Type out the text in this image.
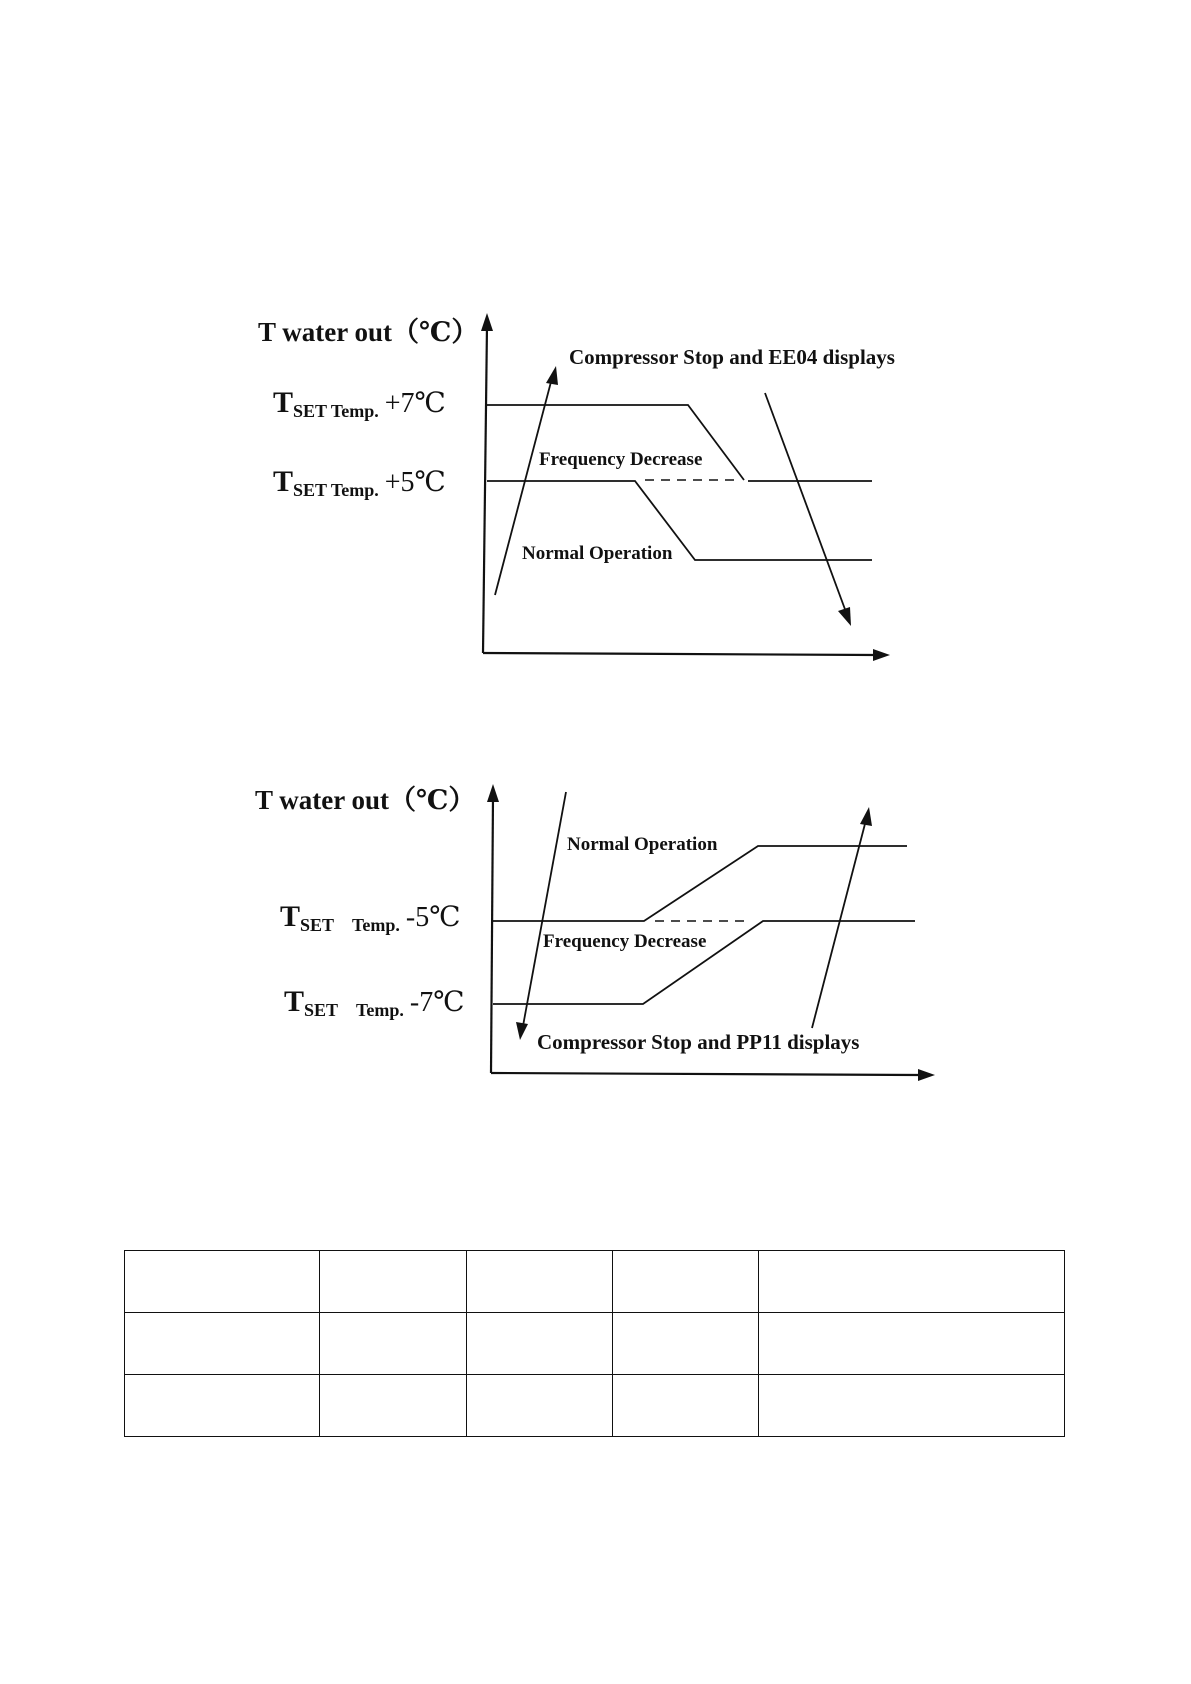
T water out（℃）
TSET Temp. +7℃
TSET Temp. +5℃
Compressor Stop and EE04 displays
Frequency Decrease
Normal Operation
T water out（℃）
TSET Temp. -5℃
TSET Temp. -7℃
Normal Operation
Frequency Decrease
Compressor Stop and PP11 displays
